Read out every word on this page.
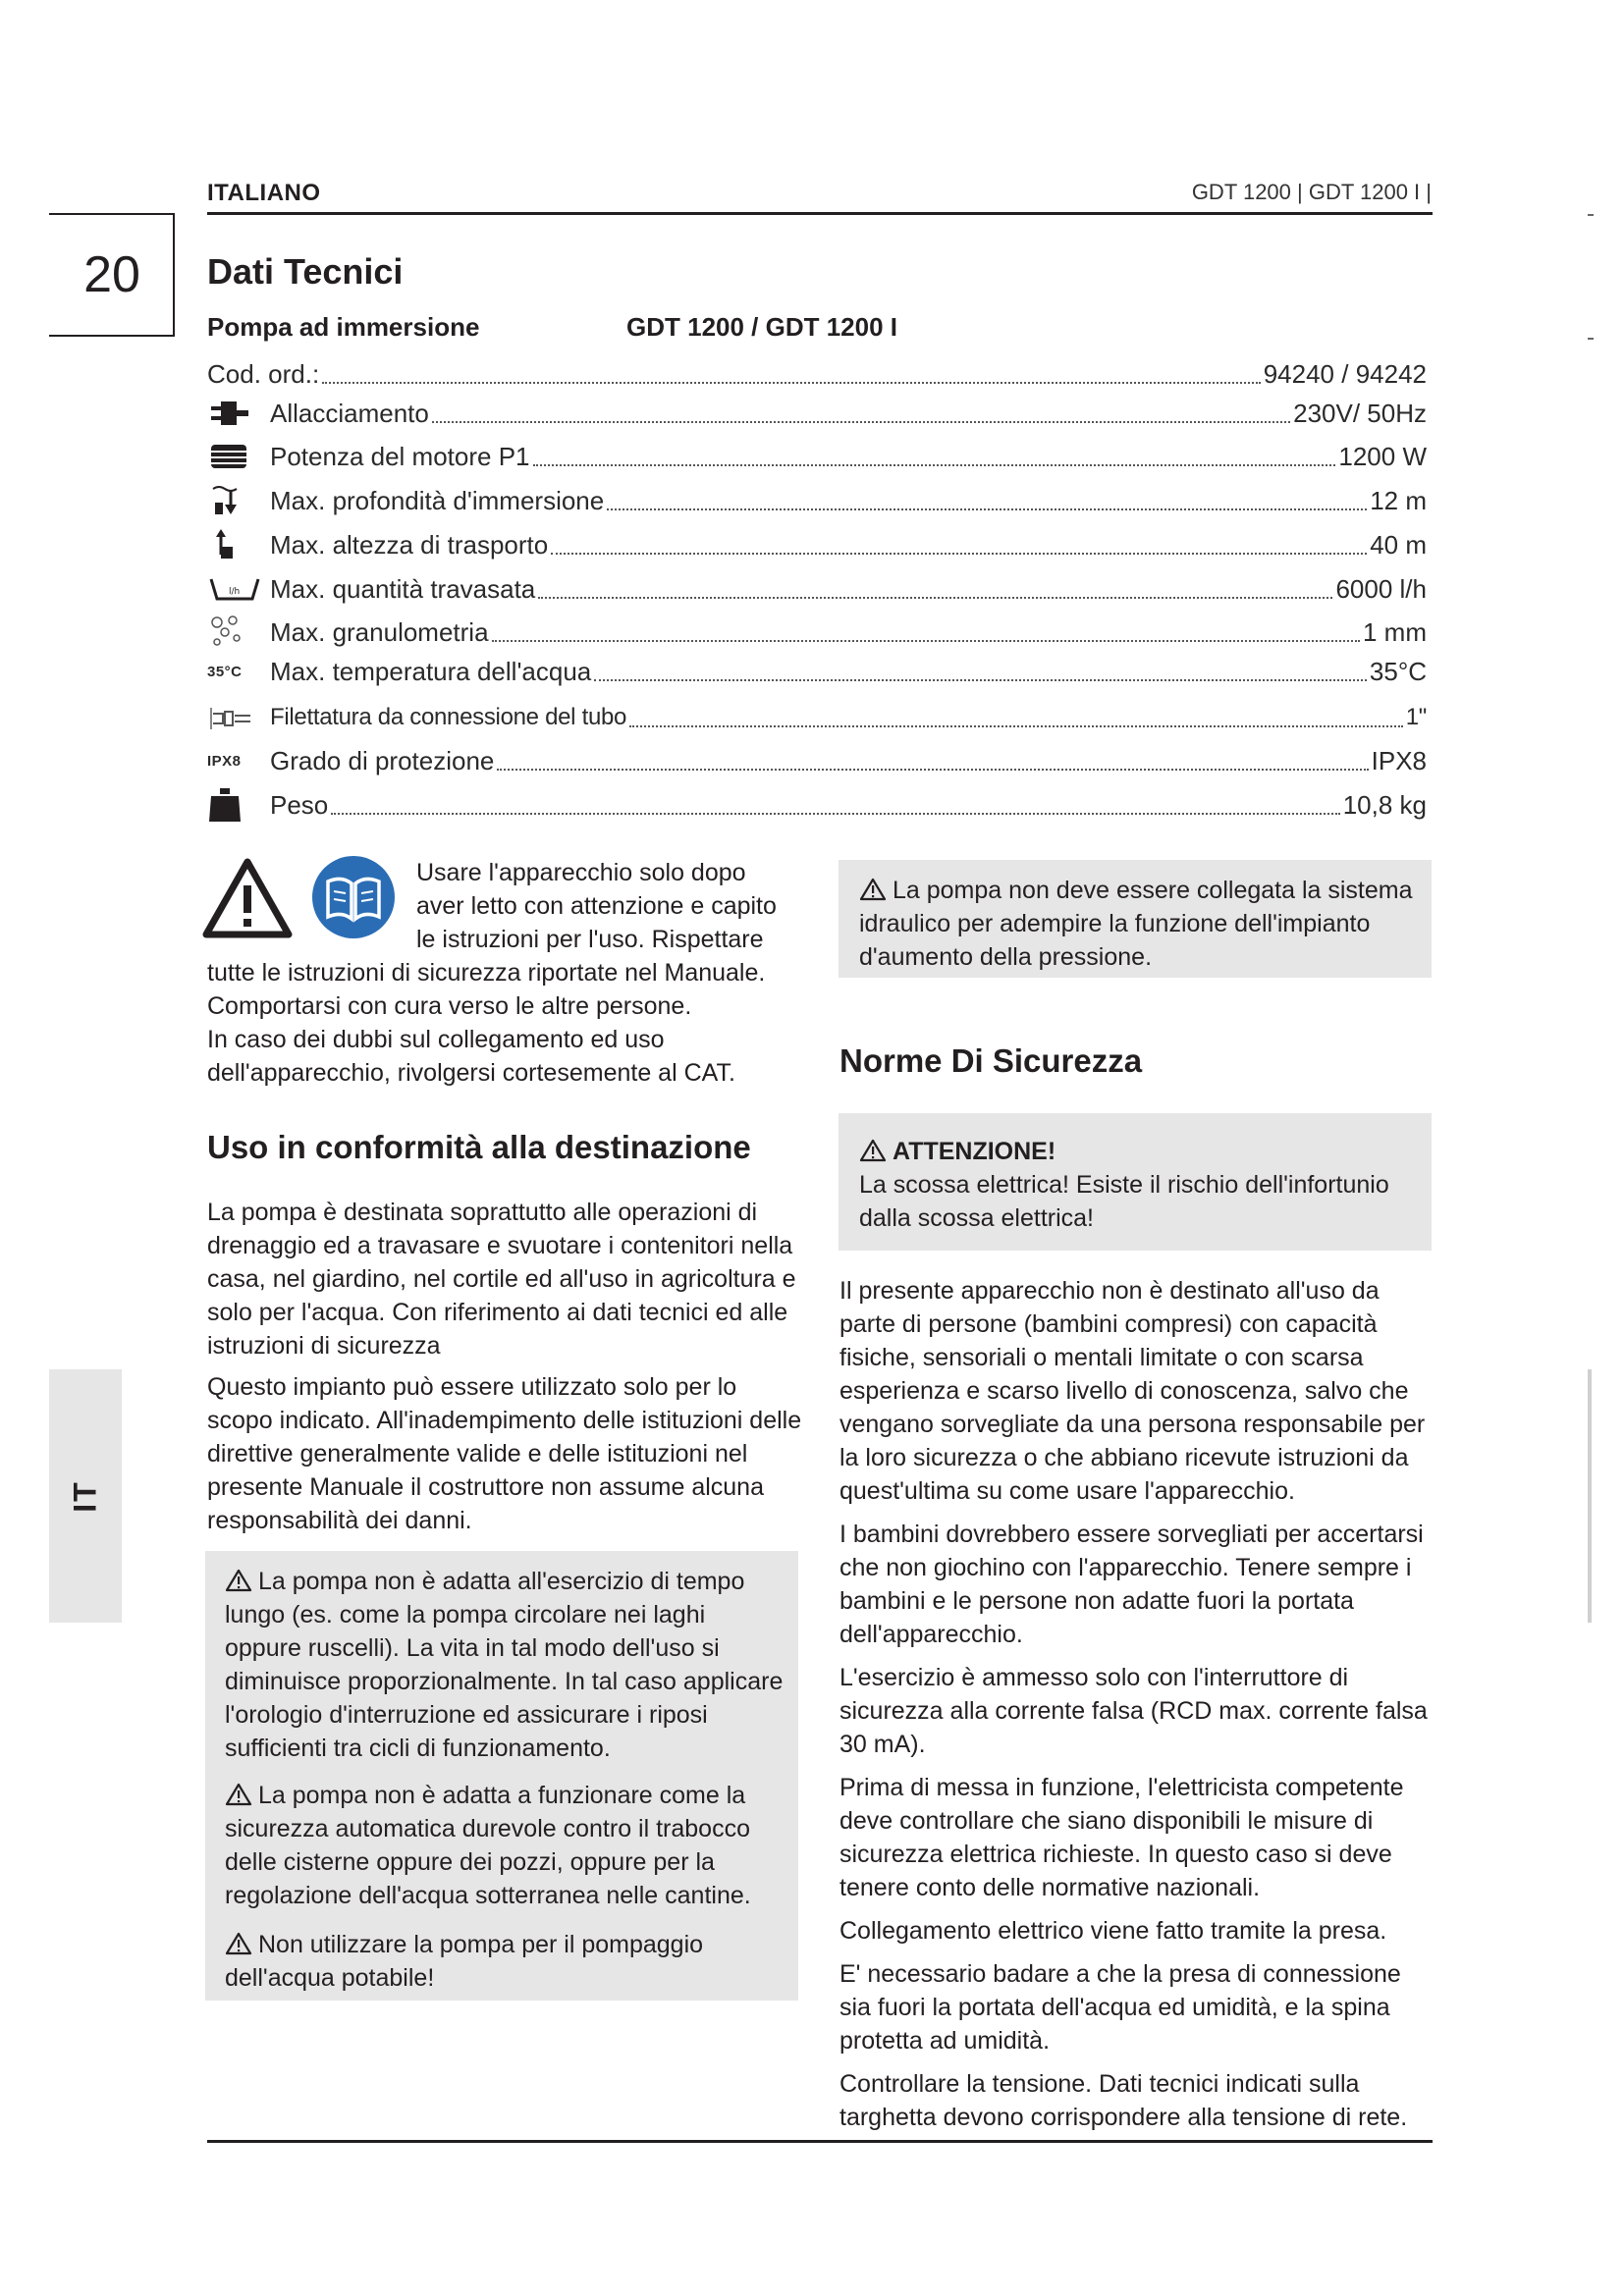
ITALIANO	GDT 1200 | GDT 1200 I |
20
IT
Dati Tecnici
Pompa ad immersione	GDT 1200 / GDT 1200 I
Cod. ord.:	94240 / 94242
Allacciamento	230V/ 50Hz
Potenza del motore P1	1200 W
Max. profondità d'immersione	12 m
Max. altezza di trasporto	40 m
l/h Max. quantità travasata	6000 l/h
Max. granulometria	1 mm
35°C Max. temperatura dell'acqua	35°C
Filettatura da connessione del tubo	1"
IPX8 Grado di protezione	IPX8
Peso	10,8 kg
Usare l'apparecchio solo dopo
aver letto con attenzione e capito
le istruzioni per l'uso. Rispettare
tutte le istruzioni di sicurezza riportate nel Manuale.
Comportarsi con cura verso le altre persone.
In caso dei dubbi sul collegamento ed uso
dell'apparecchio, rivolgersi cortesemente al CAT.
Uso in conformità alla destinazione
La pompa è destinata soprattutto alle operazioni di drenaggio ed a travasare e svuotare i contenitori nella casa, nel giardino, nel cortile ed all'uso in agricoltura e solo per l'acqua. Con riferimento ai dati tecnici ed alle istruzioni di sicurezza
Questo impianto può essere utilizzato solo per lo scopo indicato. All'inadempimento delle istituzioni delle direttive generalmente valide e delle istituzioni nel presente Manuale il costruttore non assume alcuna responsabilità dei danni.
La pompa non è adatta all'esercizio di tempo lungo (es. come la pompa circolare nei laghi oppure ruscelli). La vita in tal modo dell'uso si diminuisce proporzionalmente. In tal caso applicare l'orologio d'interruzione ed assicurare i riposi sufficienti tra cicli di funzionamento.
La pompa non è adatta a funzionare come la sicurezza automatica durevole contro il trabocco delle cisterne oppure dei pozzi, oppure per la regolazione dell'acqua sotterranea nelle cantine.
Non utilizzare la pompa per il pompaggio dell'acqua potabile!
La pompa non deve essere collegata la sistema idraulico per adempire la funzione dell'impianto d'aumento della pressione.
Norme Di Sicurezza
ATTENZIONE!
La scossa elettrica! Esiste il rischio dell'infortunio dalla scossa elettrica!
Il presente apparecchio non è destinato all'uso da parte di persone (bambini compresi) con capacità fisiche, sensoriali o mentali limitate o con scarsa esperienza e scarso livello di conoscenza, salvo che vengano sorvegliate da una persona responsabile per la loro sicurezza o che abbiano ricevute istruzioni da quest'ultima su come usare l'apparecchio.
I bambini dovrebbero essere sorvegliati per accertarsi che non giochino con l'apparecchio. Tenere sempre i bambini e le persone non adatte fuori la portata dell'apparecchio.
L'esercizio è ammesso solo con l'interruttore di sicurezza alla corrente falsa (RCD max. corrente falsa 30 mA).
Prima di messa in funzione, l'elettricista competente deve controllare che siano disponibili le misure di sicurezza elettrica richieste. In questo caso si deve tenere conto delle normative nazionali.
Collegamento elettrico viene fatto tramite la presa.
E' necessario badare a che la presa di connessione sia fuori la portata dell'acqua ed umidità, e la spina protetta ad umidità.
Controllare la tensione. Dati tecnici indicati sulla targhetta devono corrispondere alla tensione di rete.
